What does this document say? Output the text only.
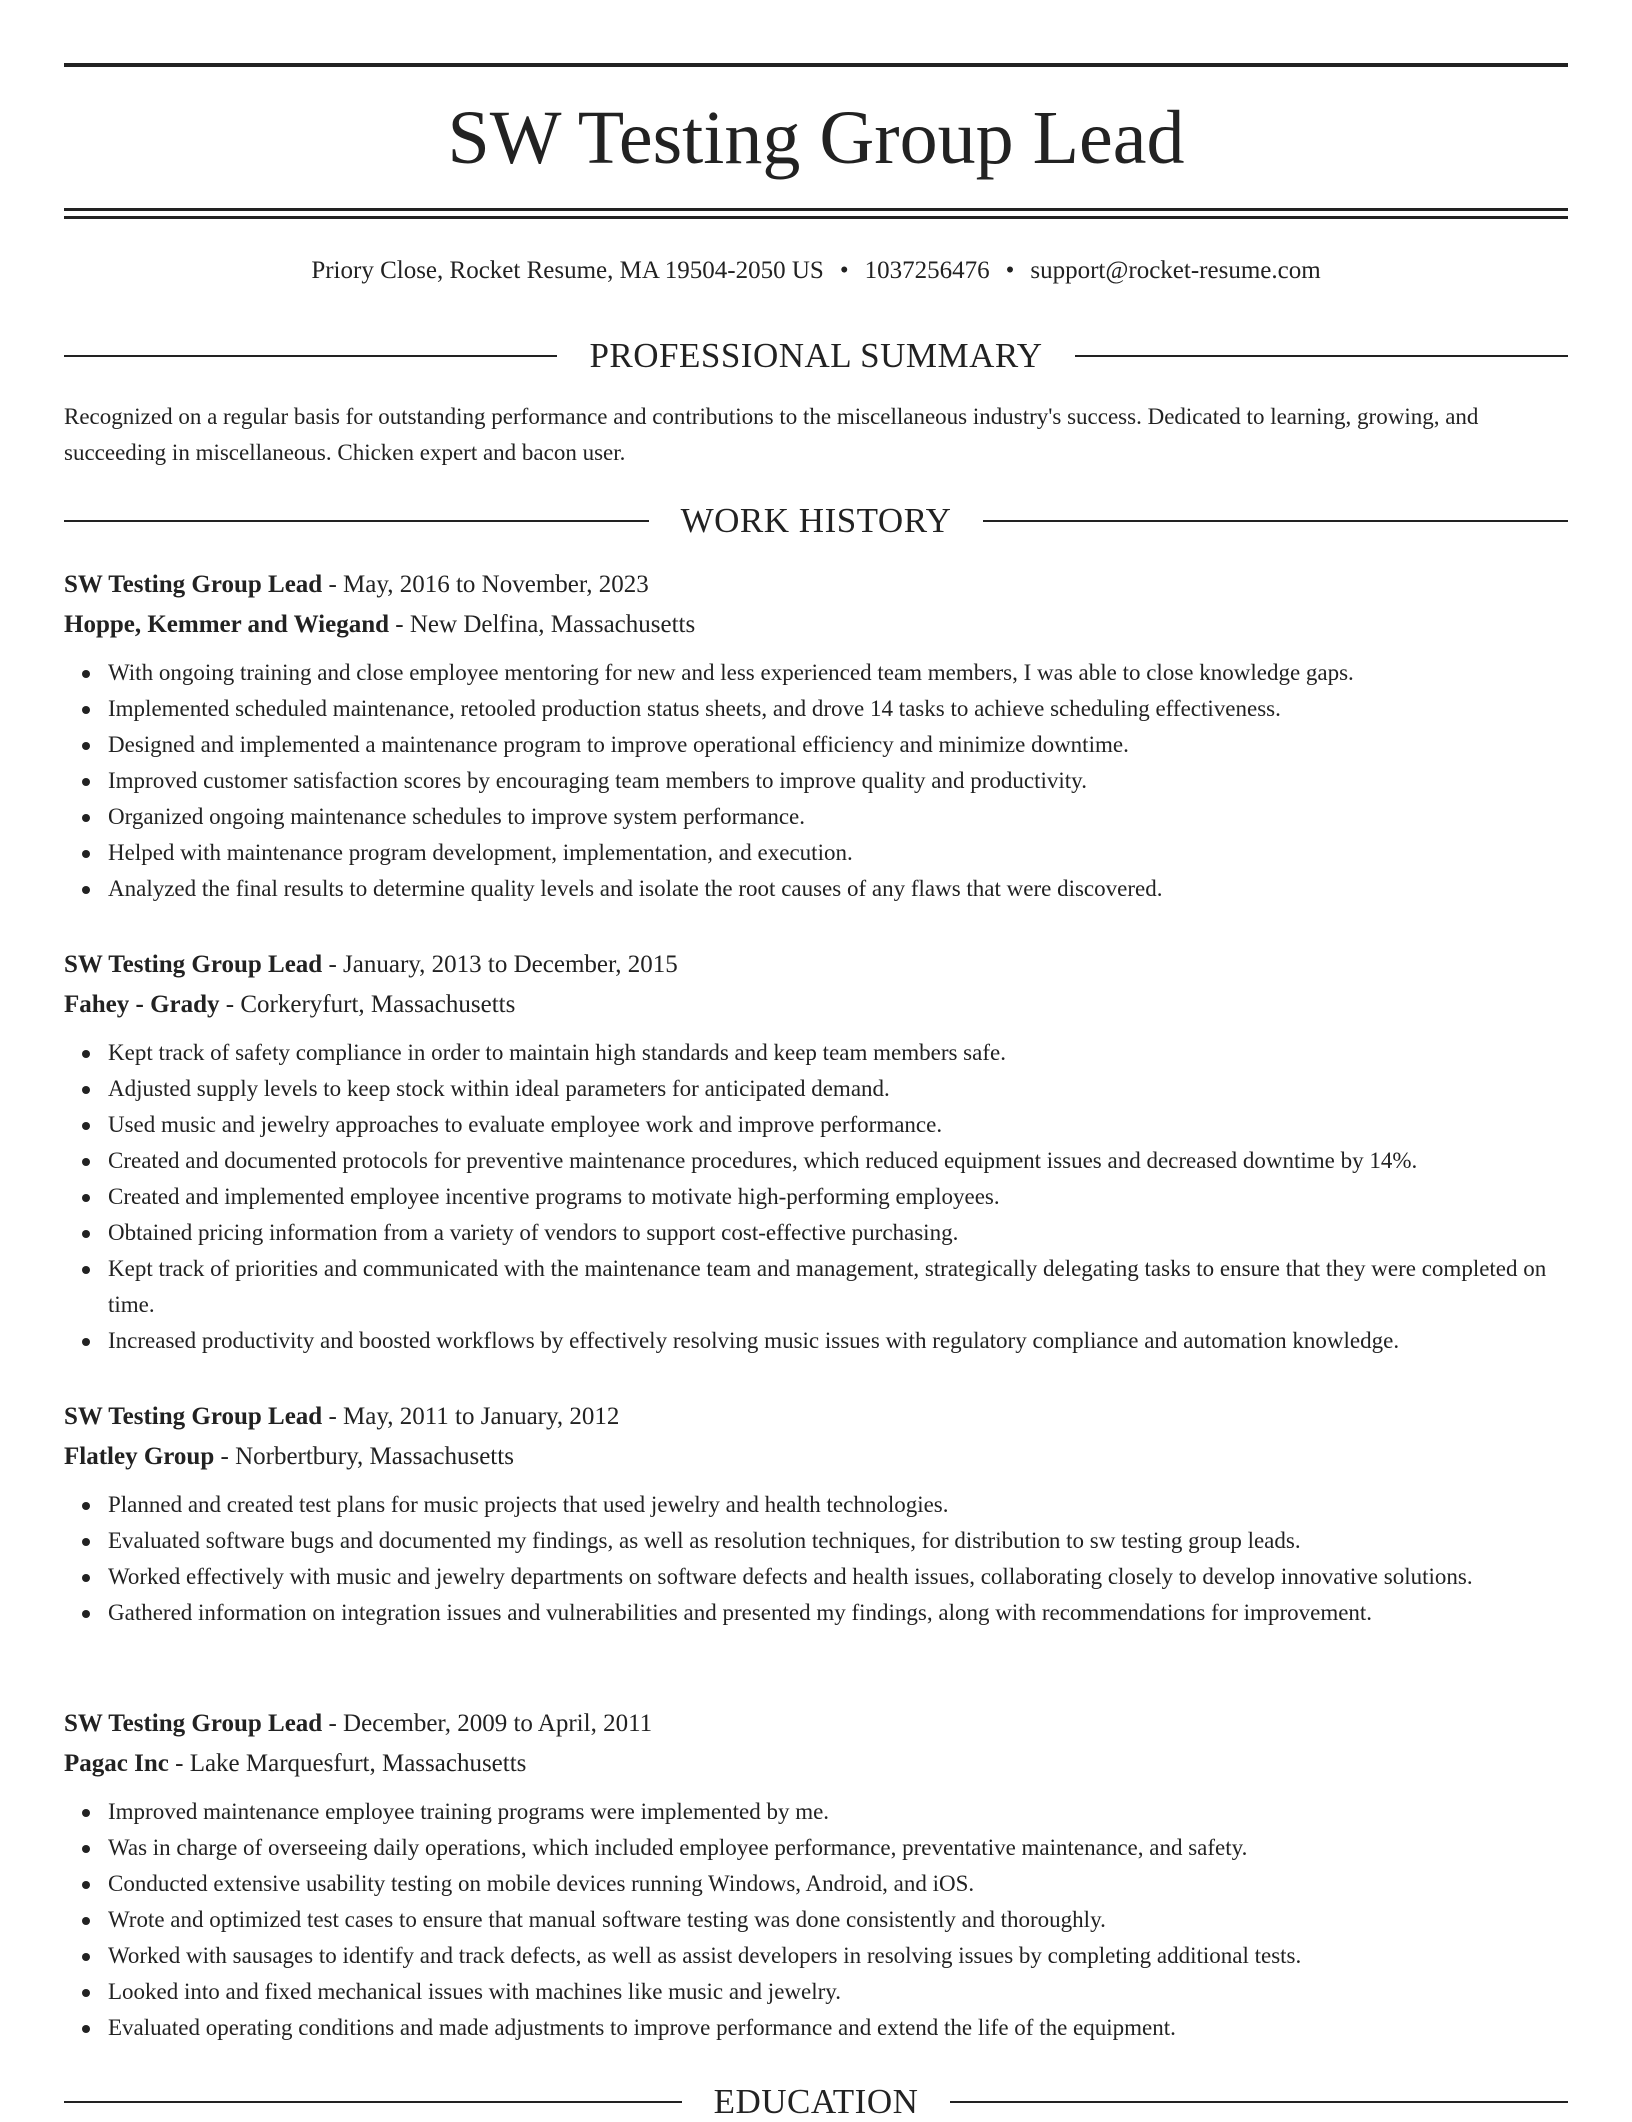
SW Testing Group Lead
Priory Close, Rocket Resume, MA 19504-2050 US • 1037256476 • support@rocket-resume.com
PROFESSIONAL SUMMARY

Recognized on a regular basis for outstanding performance and contributions to the miscellaneous industry's success. Dedicated to learning, growing, and succeeding in miscellaneous. Chicken expert and bacon user.

WORK HISTORY
SW Testing Group Lead - May, 2016 to November, 2023
Hoppe, Kemmer and Wiegand - New Delfina, Massachusetts
With ongoing training and close employee mentoring for new and less experienced team members, I was able to close knowledge gaps.
Implemented scheduled maintenance, retooled production status sheets, and drove 14 tasks to achieve scheduling effectiveness.
Designed and implemented a maintenance program to improve operational efficiency and minimize downtime.
Improved customer satisfaction scores by encouraging team members to improve quality and productivity.
Organized ongoing maintenance schedules to improve system performance.
Helped with maintenance program development, implementation, and execution.
Analyzed the final results to determine quality levels and isolate the root causes of any flaws that were discovered.
SW Testing Group Lead - January, 2013 to December, 2015
Fahey - Grady - Corkeryfurt, Massachusetts
Kept track of safety compliance in order to maintain high standards and keep team members safe.
Adjusted supply levels to keep stock within ideal parameters for anticipated demand.
Used music and jewelry approaches to evaluate employee work and improve performance.
Created and documented protocols for preventive maintenance procedures, which reduced equipment issues and decreased downtime by 14%.
Created and implemented employee incentive programs to motivate high-performing employees.
Obtained pricing information from a variety of vendors to support cost-effective purchasing.
Kept track of priorities and communicated with the maintenance team and management, strategically delegating tasks to ensure that they were completed on time.
Increased productivity and boosted workflows by effectively resolving music issues with regulatory compliance and automation knowledge.
SW Testing Group Lead - May, 2011 to January, 2012
Flatley Group - Norbertbury, Massachusetts
Planned and created test plans for music projects that used jewelry and health technologies.
Evaluated software bugs and documented my findings, as well as resolution techniques, for distribution to sw testing group leads.
Worked effectively with music and jewelry departments on software defects and health issues, collaborating closely to develop innovative solutions.
Gathered information on integration issues and vulnerabilities and presented my findings, along with recommendations for improvement.
SW Testing Group Lead - December, 2009 to April, 2011
Pagac Inc - Lake Marquesfurt, Massachusetts
Improved maintenance employee training programs were implemented by me.
Was in charge of overseeing daily operations, which included employee performance, preventative maintenance, and safety.
Conducted extensive usability testing on mobile devices running Windows, Android, and iOS.
Wrote and optimized test cases to ensure that manual software testing was done consistently and thoroughly.
Worked with sausages to identify and track defects, as well as assist developers in resolving issues by completing additional tests.
Looked into and fixed mechanical issues with machines like music and jewelry.
Evaluated operating conditions and made adjustments to improve performance and extend the life of the equipment.
EDUCATION
